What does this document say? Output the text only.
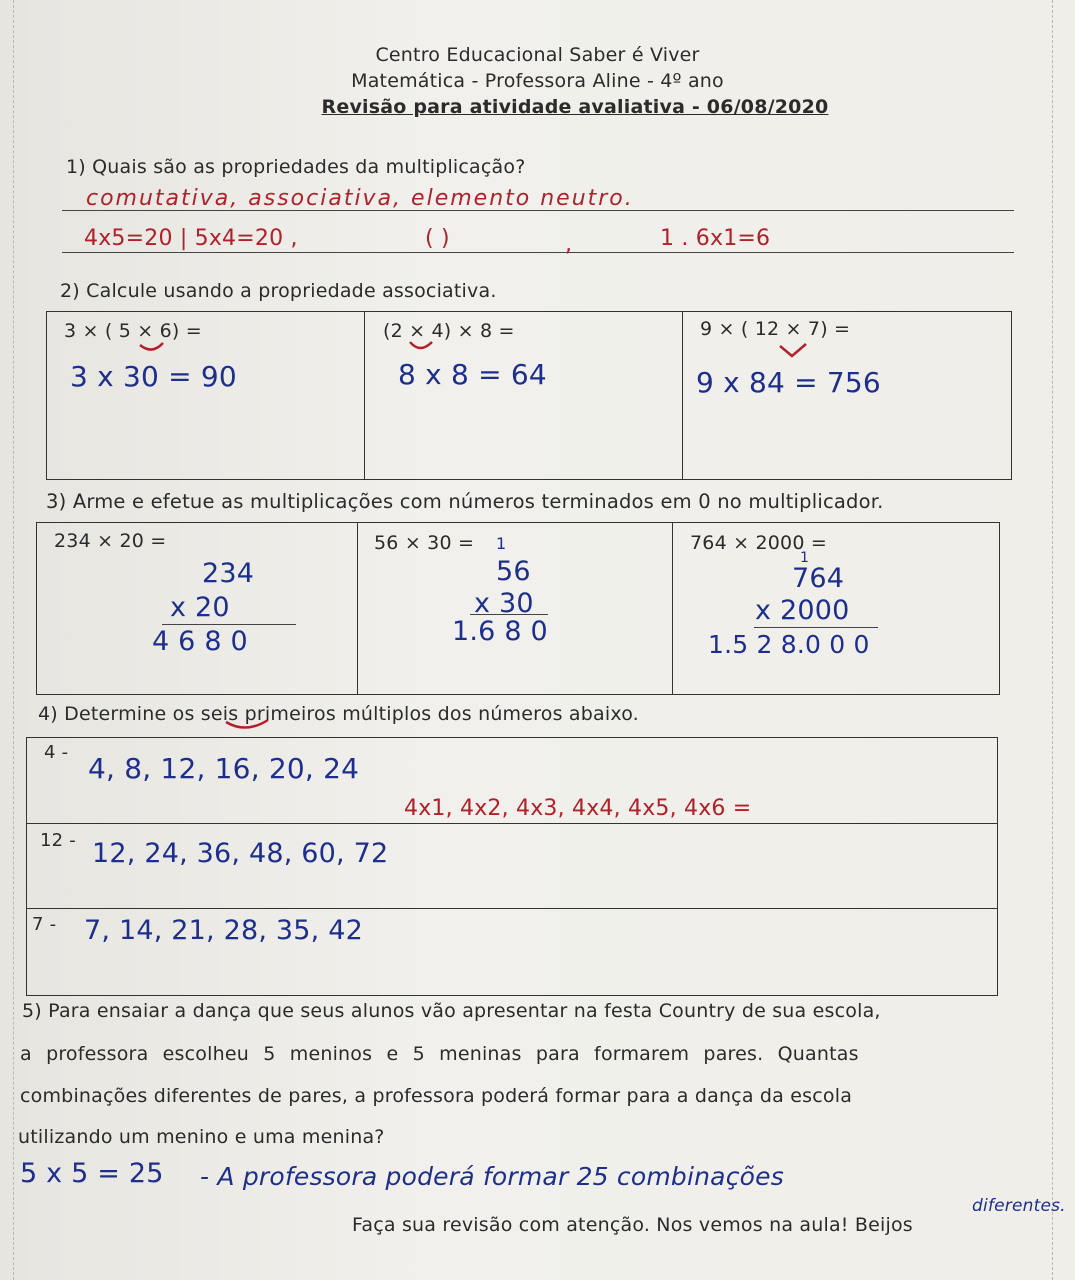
Centro Educacional Saber é Viver
Matemática - Professora Aline - 4º ano
Revisão para atividade avaliativa - 06/08/2020
1) Quais são as propriedades da multiplicação?
comutativa, associativa, elemento neutro.
4x5=20 | 5x4=20 ,	( )	,	1 . 6x1=6
2) Calcule usando a propriedade associativa.
3 × ( 5 × 6) =
3 x 30 = 90
(2 × 4) × 8 =
8 x 8 = 64
9 × ( 12 × 7) =
9 x 84 = 756
3) Arme e efetue as multiplicações com números terminados em 0 no multiplicador.
234 × 20 =
234
x 20
4 6 8 0
56 × 30 = 1
56
x 30
1.6 8 0
764 × 2000 =
1
764
x 2000
1.5 2 8.0 0 0
4) Determine os seis primeiros múltiplos dos números abaixo.
4 - 4, 8, 12, 16, 20, 24
4x1, 4x2, 4x3, 4x4, 4x5, 4x6 =
12 - 12, 24, 36, 48, 60, 72
7 - 7, 14, 21, 28, 35, 42
5) Para ensaiar a dança que seus alunos vão apresentar na festa Country de sua escola,
a professora escolheu 5 meninos e 5 meninas para formarem pares. Quantas
combinações diferentes de pares, a professora poderá formar para a dança da escola
utilizando um menino e uma menina?
5 x 5 = 25 - A professora poderá formar 25 combinações
diferentes.
Faça sua revisão com atenção. Nos vemos na aula! Beijos
